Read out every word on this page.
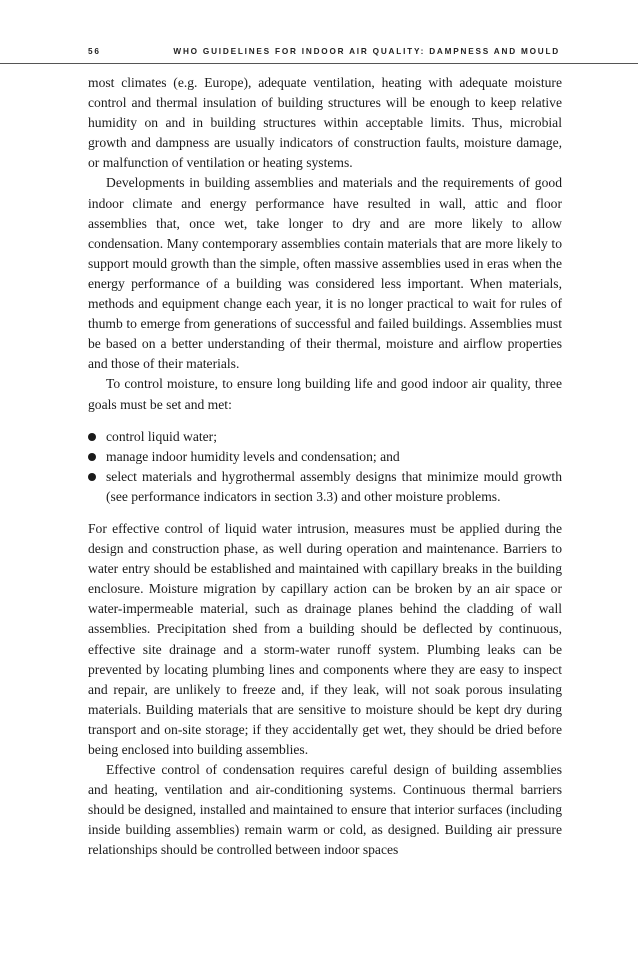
56	WHO GUIDELINES FOR INDOOR AIR QUALITY: DAMPNESS AND MOULD

most climates (e.g. Europe), adequate ventilation, heating with adequate moisture control and thermal insulation of building structures will be enough to keep relative humidity on and in building structures within acceptable limits. Thus, microbial growth and dampness are usually indicators of construction faults, moisture damage, or malfunction of ventilation or heating systems.

Developments in building assemblies and materials and the requirements of good indoor climate and energy performance have resulted in wall, attic and floor assemblies that, once wet, take longer to dry and are more likely to allow condensation. Many contemporary assemblies contain materials that are more likely to support mould growth than the simple, often massive assemblies used in eras when the energy performance of a building was considered less important. When materials, methods and equipment change each year, it is no longer practical to wait for rules of thumb to emerge from generations of successful and failed buildings. Assemblies must be based on a better understanding of their thermal, moisture and airflow properties and those of their materials.

To control moisture, to ensure long building life and good indoor air quality, three goals must be set and met:

control liquid water;
manage indoor humidity levels and condensation; and
select materials and hygrothermal assembly designs that minimize mould growth (see performance indicators in section 3.3) and other moisture problems.

For effective control of liquid water intrusion, measures must be applied during the design and construction phase, as well during operation and maintenance. Barriers to water entry should be established and maintained with capillary breaks in the building enclosure. Moisture migration by capillary action can be broken by an air space or water-impermeable material, such as drainage planes behind the cladding of wall assemblies. Precipitation shed from a building should be deflected by continuous, effective site drainage and a storm-water runoff system. Plumbing leaks can be prevented by locating plumbing lines and components where they are easy to inspect and repair, are unlikely to freeze and, if they leak, will not soak porous insulating materials. Building materials that are sensitive to moisture should be kept dry during transport and on-site storage; if they accidentally get wet, they should be dried before being enclosed into building assemblies.

Effective control of condensation requires careful design of building assemblies and heating, ventilation and air-conditioning systems. Continuous thermal barriers should be designed, installed and maintained to ensure that interior surfaces (including inside building assemblies) remain warm or cold, as designed. Building air pressure relationships should be controlled between indoor spaces
